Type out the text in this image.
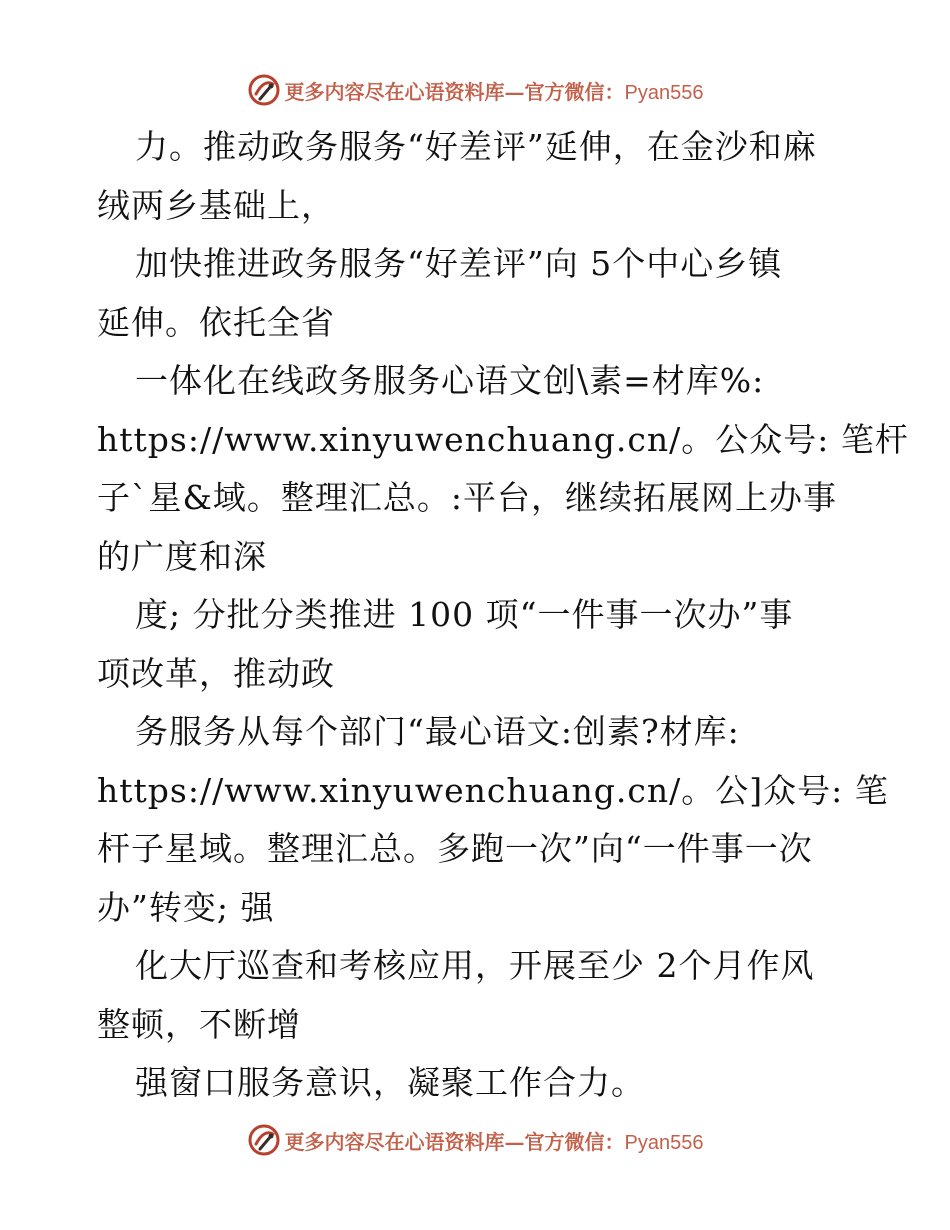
更多内容尽在心语资料库—官方微信：Pyan556
力。推动政务服务“好差评”延伸，在金沙和麻
绒两乡基础上，
加快推进政务服务“好差评”向 5个中心乡镇
延伸。依托全省
一体化在线政务服务心语文创\素=材库%:
https://www.xinyuwenchuang.cn/。公众号: 笔杆
子`星&域。整理汇总。:平台，继续拓展网上办事
的广度和深
度; 分批分类推进 100 项“一件事一次办”事
项改革，推动政
务服务从每个部门“最心语文:创素?材库:
https://www.xinyuwenchuang.cn/。公]众号: 笔
杆子星域。整理汇总。多跑一次”向“一件事一次
办”转变; 强
化大厅巡查和考核应用，开展至少 2个月作风
整顿，不断增
强窗口服务意识，凝聚工作合力。
更多内容尽在心语资料库—官方微信：Pyan556
